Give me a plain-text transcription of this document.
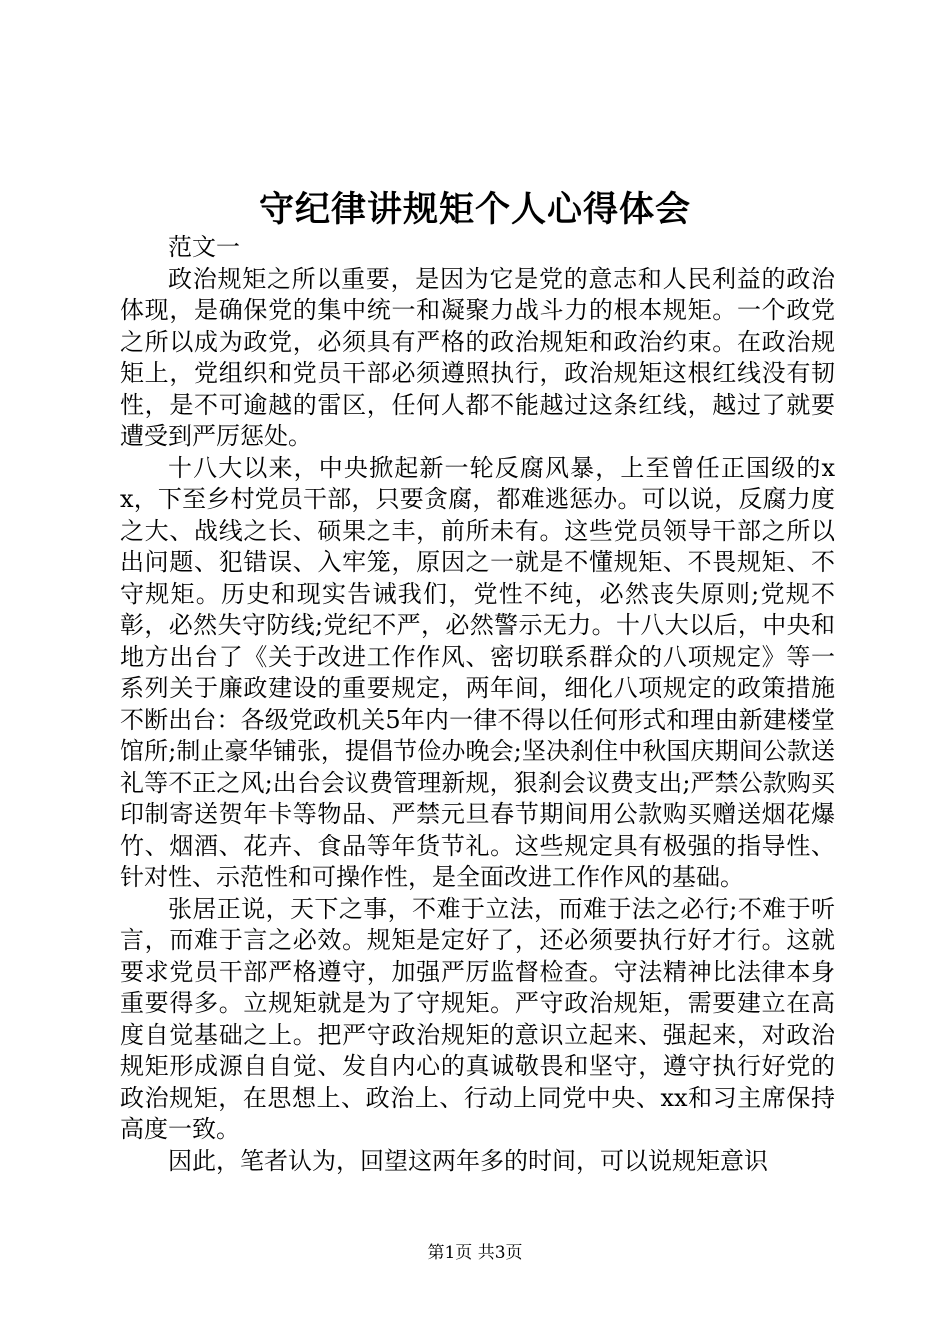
守纪律讲规矩个人心得体会

范文一

政治规矩之所以重要，是因为它是党的意志和人民利益的政治体现，是确保党的集中统一和凝聚力战斗力的根本规矩。一个政党之所以成为政党，必须具有严格的政治规矩和政治约束。在政治规矩上，党组织和党员干部必须遵照执行，政治规矩这根红线没有韧性，是不可逾越的雷区，任何人都不能越过这条红线，越过了就要遭受到严厉惩处。

十八大以来，中央掀起新一轮反腐风暴，上至曾任正国级的xx，下至乡村党员干部，只要贪腐，都难逃惩办。可以说，反腐力度之大、战线之长、硕果之丰，前所未有。这些党员领导干部之所以出问题、犯错误、入牢笼，原因之一就是不懂规矩、不畏规矩、不守规矩。历史和现实告诫我们，党性不纯，必然丧失原则;党规不彰，必然失守防线;党纪不严，必然警示无力。十八大以后，中央和地方出台了《关于改进工作作风、密切联系群众的八项规定》等一系列关于廉政建设的重要规定，两年间，细化八项规定的政策措施不断出台：各级党政机关5年内一律不得以任何形式和理由新建楼堂馆所;制止豪华铺张，提倡节俭办晚会;坚决刹住中秋国庆期间公款送礼等不正之风;出台会议费管理新规，狠刹会议费支出;严禁公款购买印制寄送贺年卡等物品、严禁元旦春节期间用公款购买赠送烟花爆竹、烟酒、花卉、食品等年货节礼。这些规定具有极强的指导性、针对性、示范性和可操作性，是全面改进工作作风的基础。

张居正说，天下之事，不难于立法，而难于法之必行;不难于听言，而难于言之必效。规矩是定好了，还必须要执行好才行。这就要求党员干部严格遵守，加强严厉监督检查。守法精神比法律本身重要得多。立规矩就是为了守规矩。严守政治规矩，需要建立在高度自觉基础之上。把严守政治规矩的意识立起来、强起来，对政治规矩形成源自自觉、发自内心的真诚敬畏和坚守，遵守执行好党的政治规矩，在思想上、政治上、行动上同党中央、xx和习主席保持高度一致。

因此，笔者认为，回望这两年多的时间，可以说规矩意识

第1页 共3页
